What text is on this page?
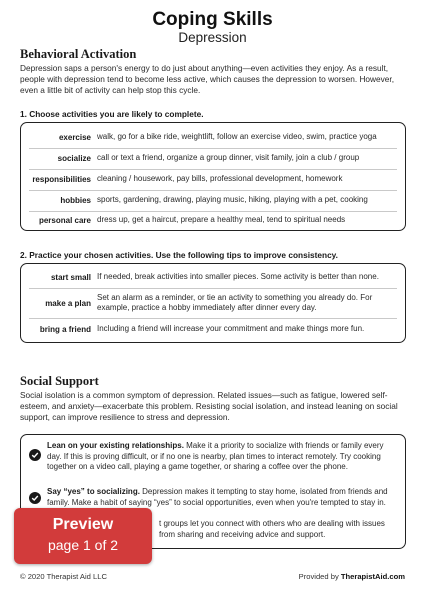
Coping Skills
Depression
Behavioral Activation
Depression saps a person's energy to do just about anything—even activities they enjoy. As a result, people with depression tend to become less active, which causes the depression to worsen. However, even a little bit of activity can help stop this cycle.
1. Choose activities you are likely to complete.
exercise walk, go for a bike ride, weightlift, follow an exercise video, swim, practice yoga
socialize call or text a friend, organize a group dinner, visit family, join a club / group
responsibilities cleaning / housework, pay bills, professional development, homework
hobbies sports, gardening, drawing, playing music, hiking, playing with a pet, cooking
personal care dress up, get a haircut, prepare a healthy meal, tend to spiritual needs
2. Practice your chosen activities. Use the following tips to improve consistency.
start small If needed, break activities into smaller pieces. Some activity is better than none.
make a plan
Set an alarm as a reminder, or tie an activity to something you already do. For example, practice a hobby immediately after dinner every day.
bring a friend Including a friend will increase your commitment and make things more fun.
Social Support
Social isolation is a common symptom of depression. Related issues—such as fatigue, lowered self-esteem, and anxiety—exacerbate this problem. Resisting social isolation, and instead leaning on social support, can improve resilience to stress and depression.
Lean on your existing relationships. Make it a priority to socialize with friends or family every day. If this is proving difficult, or if no one is nearby, plan times to interact remotely. Try cooking together on a video call, playing a game together, or sharing a coffee over the phone.
Say “yes” to socializing. Depression makes it tempting to stay home, isolated from friends and family. Make a habit of saying “yes” to social opportunities, even when you're tempted to stay in.
t groups let you connect with others who are dealing with issues
from sharing and receiving advice and support.
Preview
page 1 of 2
© 2020 Therapist Aid LLC	Provided by TherapistAid.com
